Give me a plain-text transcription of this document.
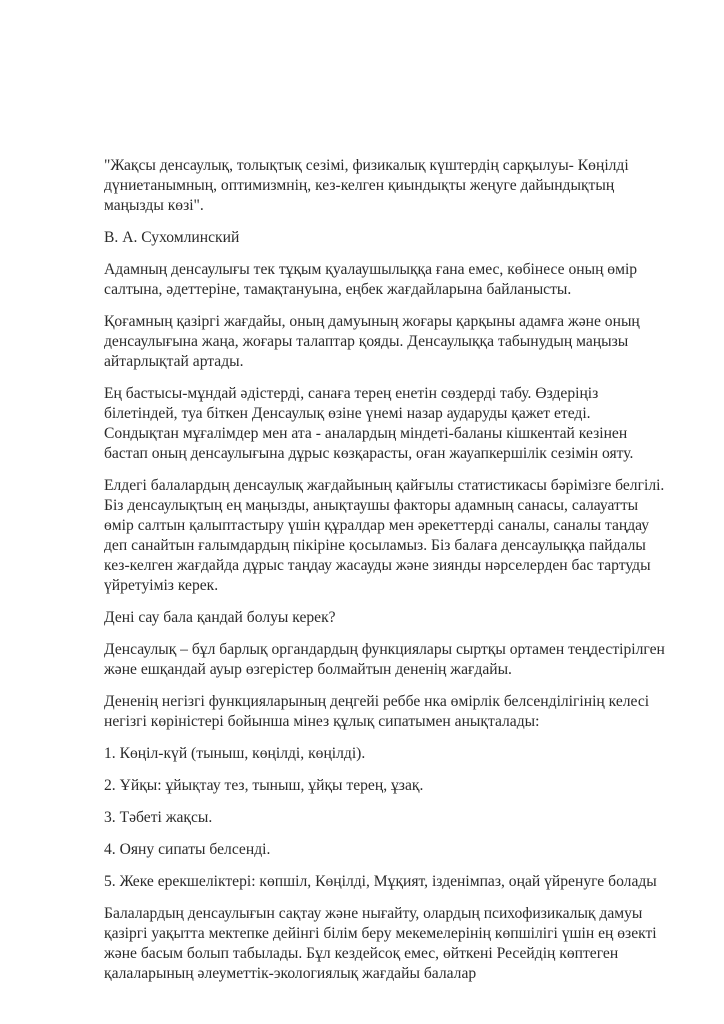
"Жақсы денсаулық, толықтық сезімі, физикалық күштердің сарқылуы- Көңілді дүниетанымның, оптимизмнің, кез-келген қиындықты жеңуге дайындықтың маңызды көзі".

В. А. Сухомлинский

Адамның денсаулығы тек тұқым қуалаушылыққа ғана емес, көбінесе оның өмір салтына, әдеттеріне, тамақтануына, еңбек жағдайларына байланысты.

Қоғамның қазіргі жағдайы, оның дамуының жоғары қарқыны адамға және оның денсаулығына жаңа, жоғары талаптар қояды. Денсаулыққа табынудың маңызы айтарлықтай артады.

Ең бастысы-мұндай әдістерді, санаға терең енетін сөздерді табу. Өздеріңіз білетіндей, туа біткен Денсаулық өзіне үнемі назар аударуды қажет етеді. Сондықтан мұғалімдер мен ата - аналардың міндеті-баланы кішкентай кезінен бастап оның денсаулығына дұрыс көзқарасты, оған жауапкершілік сезімін ояту.

Елдегі балалардың денсаулық жағдайының қайғылы статистикасы бәрімізге белгілі. Біз денсаулықтың ең маңызды, анықтаушы факторы адамның санасы, салауатты өмір салтын қалыптастыру үшін құралдар мен әрекеттерді саналы, саналы таңдау деп санайтын ғалымдардың пікіріне қосыламыз. Біз балаға денсаулыққа пайдалы кез-келген жағдайда дұрыс таңдау жасауды және зиянды нәрселерден бас тартуды үйретуіміз керек.

Дені сау бала қандай болуы керек?

Денсаулық – бұл барлық органдардың функциялары сыртқы ортамен теңдестірілген және ешқандай ауыр өзгерістер болмайтын дененің жағдайы.

Дененің негізгі функцияларының деңгейі реббе нка өмірлік белсенділігінің келесі негізгі көріністері бойынша мінез құлық сипатымен анықталады:

1. Көңіл-күй (тыныш, көңілді, көңілді).

2. Ұйқы: ұйықтау тез, тыныш, ұйқы терең, ұзақ.

3. Тәбеті жақсы.

4. Ояну сипаты белсенді.

5. Жеке ерекшеліктері: көпшіл, Көңілді, Мұқият, ізденімпаз, оңай үйренуге болады

Балалардың денсаулығын сақтау және нығайту, олардың психофизикалық дамуы қазіргі уақытта мектепке дейінгі білім беру мекемелерінің көпшілігі үшін ең өзекті және басым болып табылады. Бұл кездейсоқ емес, өйткені Ресейдің көптеген қалаларының әлеуметтік-экологиялық жағдайы балалар
